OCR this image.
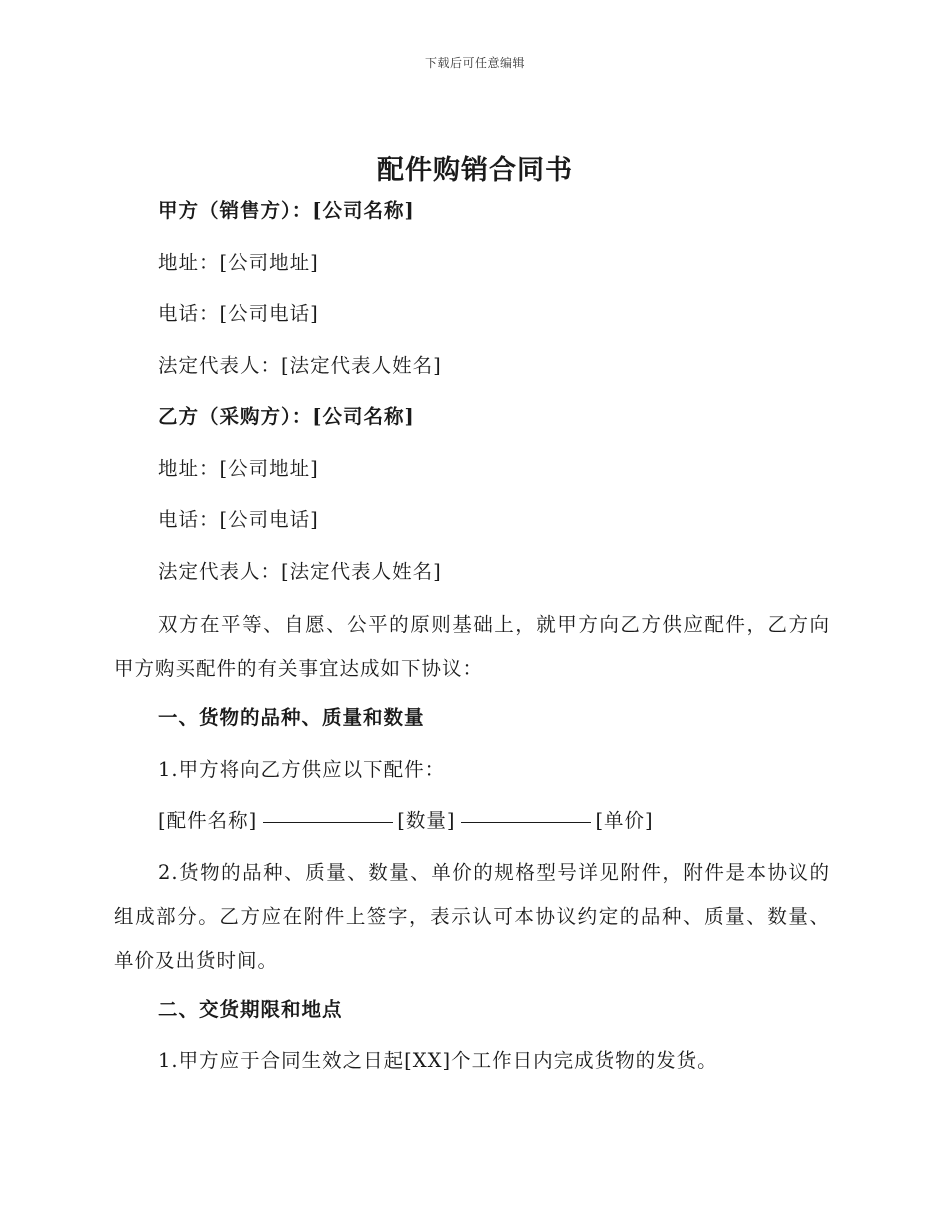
下载后可任意编辑
配件购销合同书
甲方（销售方）：[公司名称]
地址：[公司地址]
电话：[公司电话]
法定代表人：[法定代表人姓名]
乙方（采购方）：[公司名称]
地址：[公司地址]
电话：[公司电话]
法定代表人：[法定代表人姓名]
双方在平等、自愿、公平的原则基础上，就甲方向乙方供应配件，乙方向甲方购买配件的有关事宜达成如下协议：
一、货物的品种、质量和数量
1.甲方将向乙方供应以下配件：
[配件名称]	[数量]	[单价]
2.货物的品种、质量、数量、单价的规格型号详见附件，附件是本协议的组成部分。乙方应在附件上签字，表示认可本协议约定的品种、质量、数量、单价及出货时间。
二、交货期限和地点
1.甲方应于合同生效之日起[XX]个工作日内完成货物的发货。
